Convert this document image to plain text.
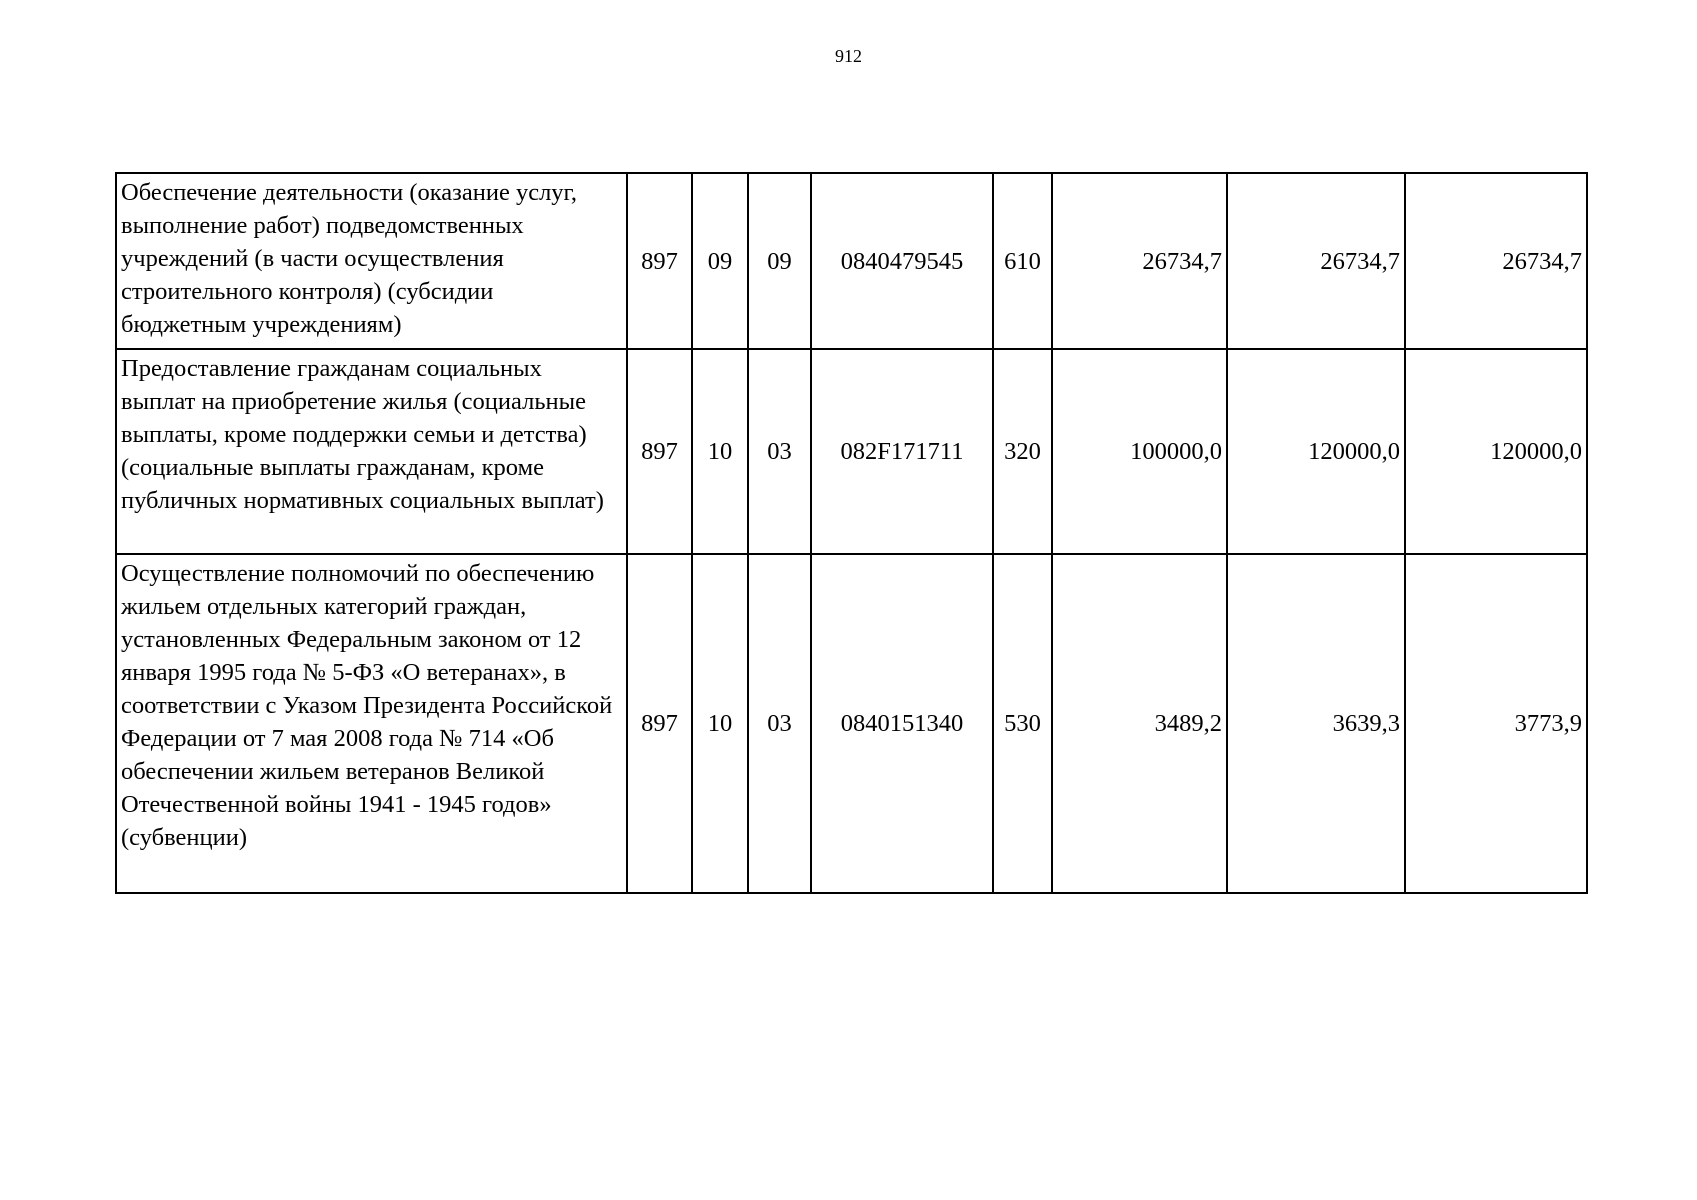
912
Обеспечение деятельности (оказание услуг, выполнение работ) подведомственных учреждений (в части осуществления строительного контроля) (субсидии бюджетным учреждениям)	897	09	09	0840479545	610	26734,7	26734,7	26734,7
Предоставление гражданам социальных выплат на приобретение жилья (социальные выплаты, кроме поддержки семьи и детства) (социальные выплаты гражданам, кроме публичных нормативных социальных выплат)	897	10	03	082F171711	320	100000,0	120000,0	120000,0
Осуществление полномочий по обеспечению жильем отдельных категорий граждан, установленных Федеральным законом от 12 января 1995 года № 5-ФЗ «О ветеранах», в соответствии с Указом Президента Российской Федерации от 7 мая 2008 года № 714 «Об обеспечении жильем ветеранов Великой Отечественной войны 1941 - 1945 годов» (субвенции)	897	10	03	0840151340	530	3489,2	3639,3	3773,9
